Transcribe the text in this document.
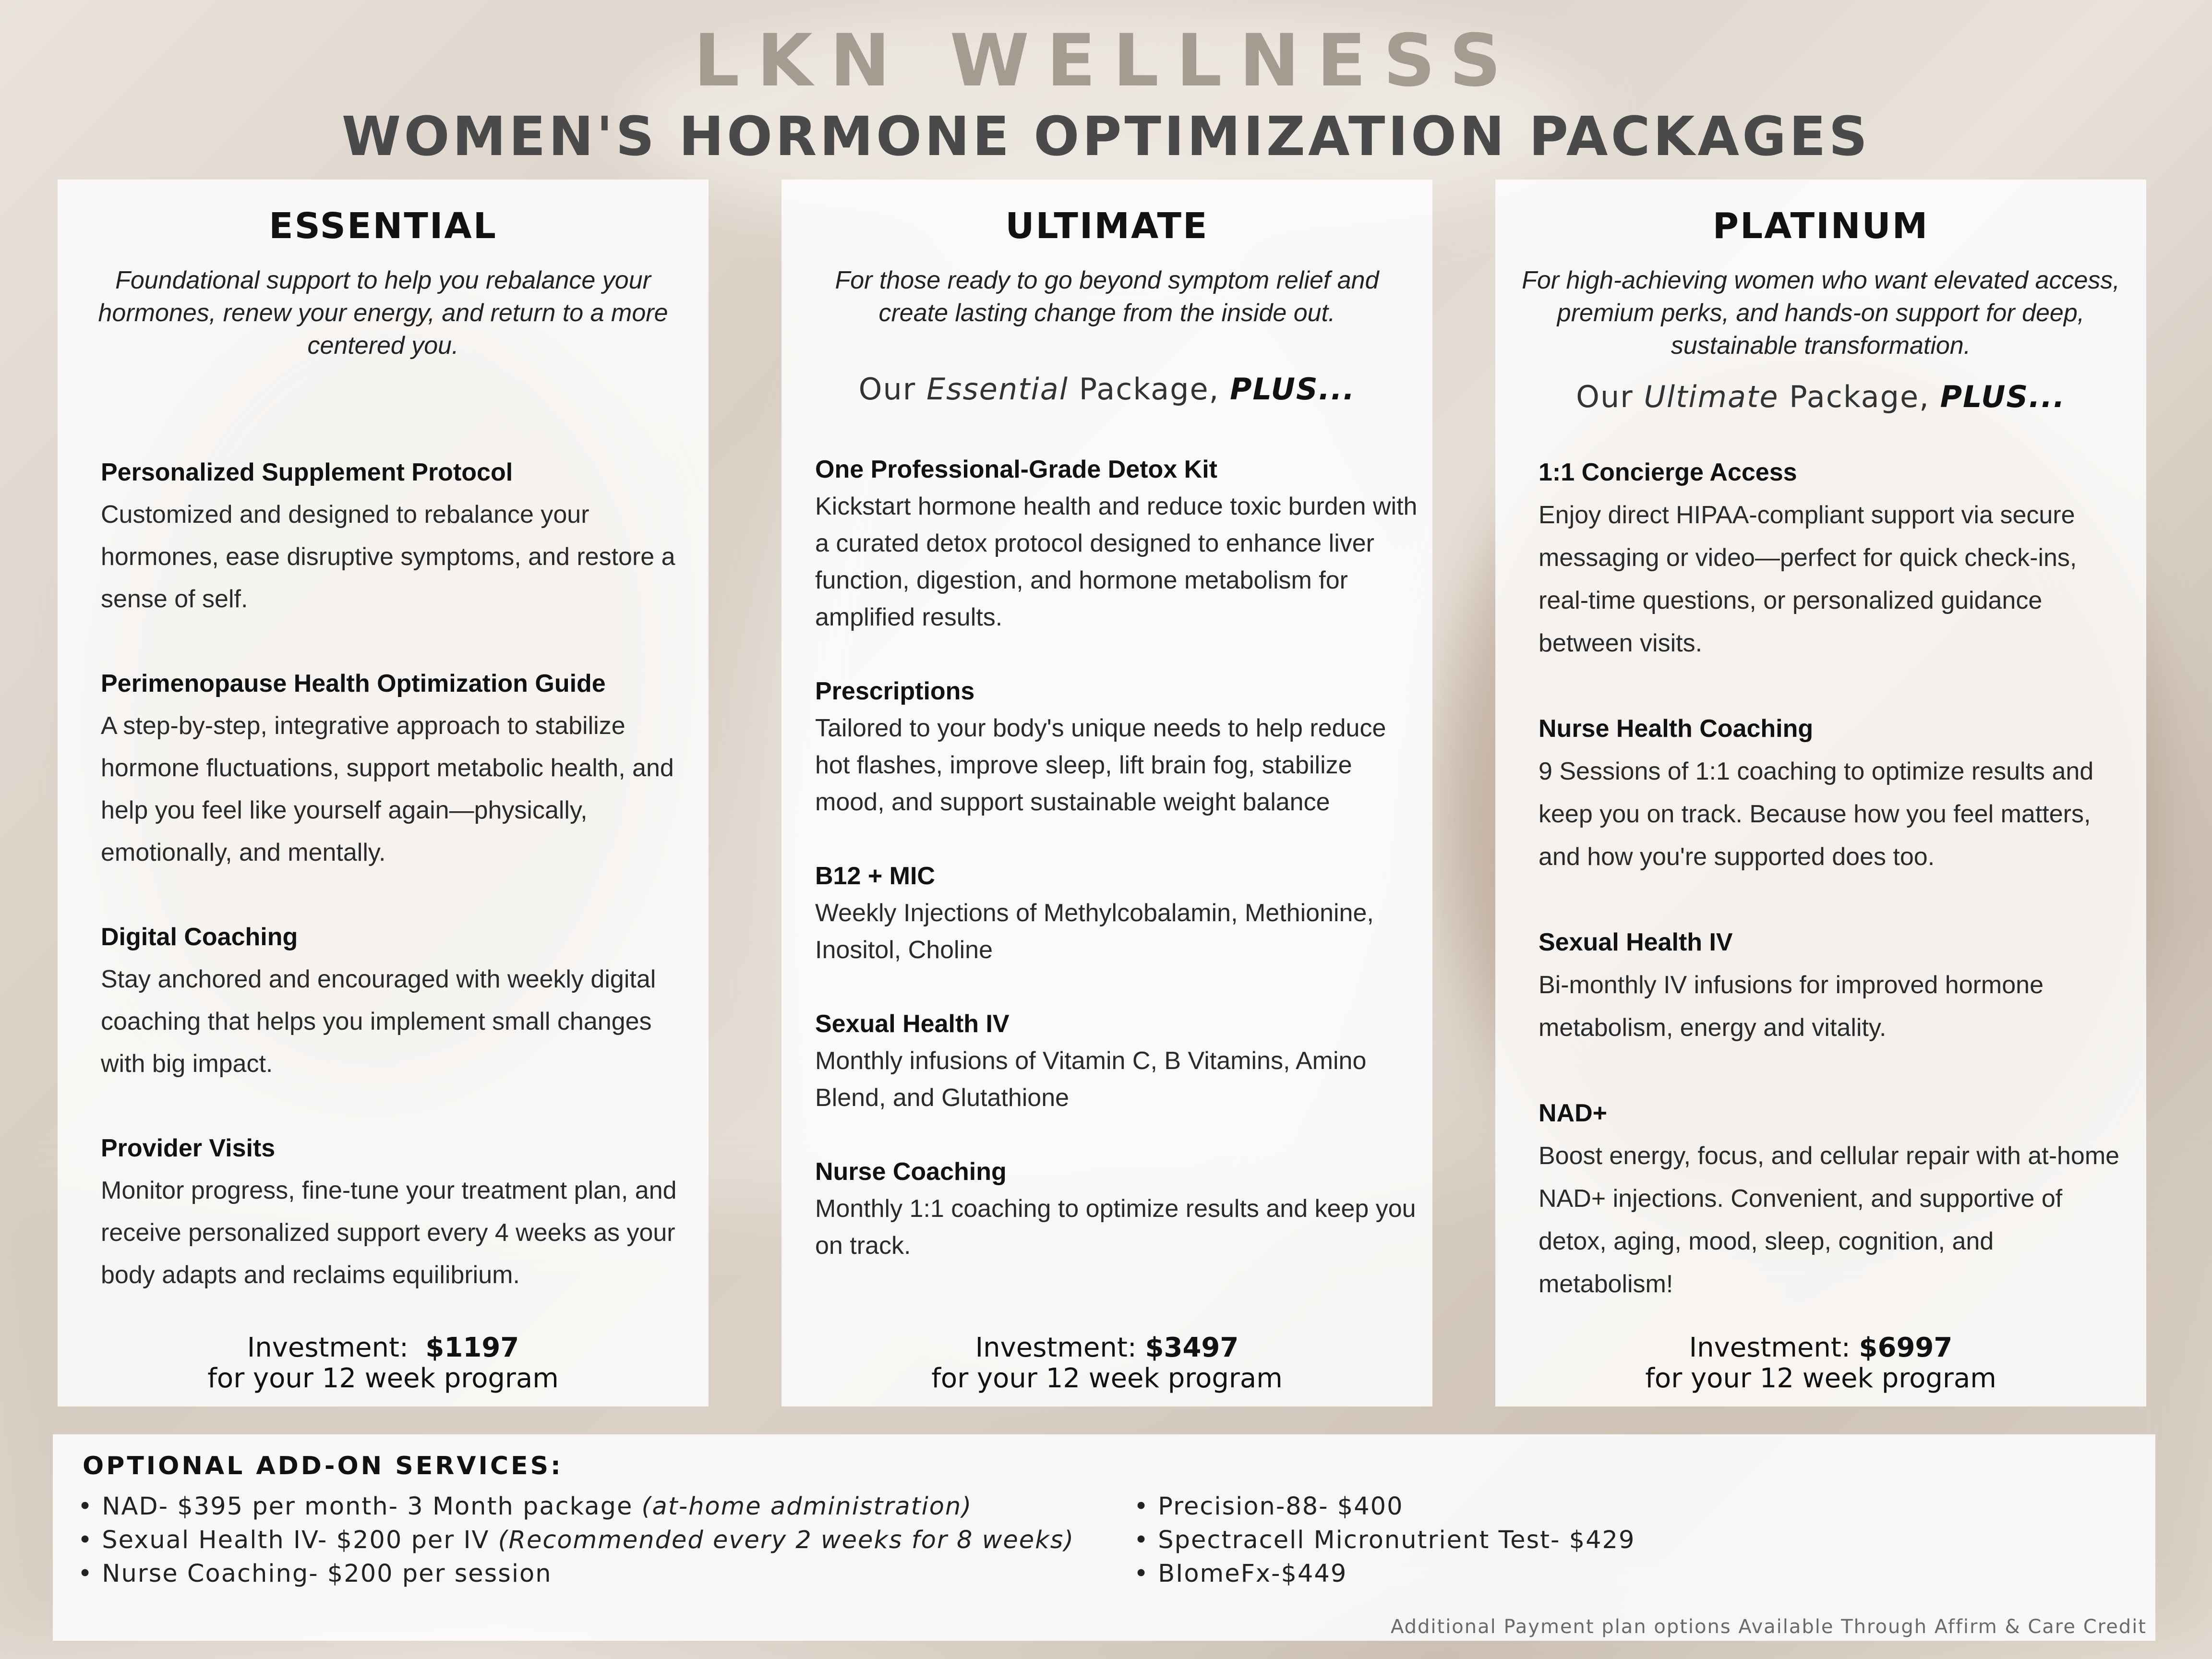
LKN WELLNESS
WOMEN'S HORMONE OPTIMIZATION PACKAGES
ESSENTIAL
Foundational support to help you rebalance your hormones, renew your energy, and return to a more centered you.
Personalized Supplement Protocol
Customized and designed to rebalance your hormones, ease disruptive symptoms, and restore a sense of self.
Perimenopause Health Optimization Guide
A step-by-step, integrative approach to stabilize hormone fluctuations, support metabolic health, and help you feel like yourself again—physically, emotionally, and mentally.
Digital Coaching
Stay anchored and encouraged with weekly digital coaching that helps you implement small changes with big impact.
Provider Visits
Monitor progress, fine-tune your treatment plan, and receive personalized support every 4 weeks as your body adapts and reclaims equilibrium.
Investment: $1197
for your 12 week program
ULTIMATE
For those ready to go beyond symptom relief and create lasting change from the inside out.
Our Essential Package, PLUS...
One Professional-Grade Detox Kit
Kickstart hormone health and reduce toxic burden with a curated detox protocol designed to enhance liver function, digestion, and hormone metabolism for amplified results.
Prescriptions
Tailored to your body's unique needs to help reduce hot flashes, improve sleep, lift brain fog, stabilize mood, and support sustainable weight balance
B12 + MIC
Weekly Injections of Methylcobalamin, Methionine, Inositol, Choline
Sexual Health IV
Monthly infusions of Vitamin C, B Vitamins, Amino Blend, and Glutathione
Nurse Coaching
Monthly 1:1 coaching to optimize results and keep you on track.
Investment: $3497
for your 12 week program
PLATINUM
For high-achieving women who want elevated access, premium perks, and hands-on support for deep, sustainable transformation.
Our Ultimate Package, PLUS...
1:1 Concierge Access
Enjoy direct HIPAA-compliant support via secure messaging or video—perfect for quick check-ins, real-time questions, or personalized guidance between visits.
Nurse Health Coaching
9 Sessions of 1:1 coaching to optimize results and keep you on track. Because how you feel matters, and how you're supported does too.
Sexual Health IV
Bi-monthly IV infusions for improved hormone metabolism, energy and vitality.
NAD+
Boost energy, focus, and cellular repair with at-home NAD+ injections. Convenient, and supportive of detox, aging, mood, sleep, cognition, and metabolism!
Investment: $6997
for your 12 week program
OPTIONAL ADD-ON SERVICES:
• NAD- $395 per month- 3 Month package (at-home administration)
• Sexual Health IV- $200 per IV (Recommended every 2 weeks for 8 weeks)
• Nurse Coaching- $200 per session
• Precision-88- $400
• Spectracell Micronutrient Test- $429
• BIomeFx-$449
Additional Payment plan options Available Through Affirm & Care Credit
